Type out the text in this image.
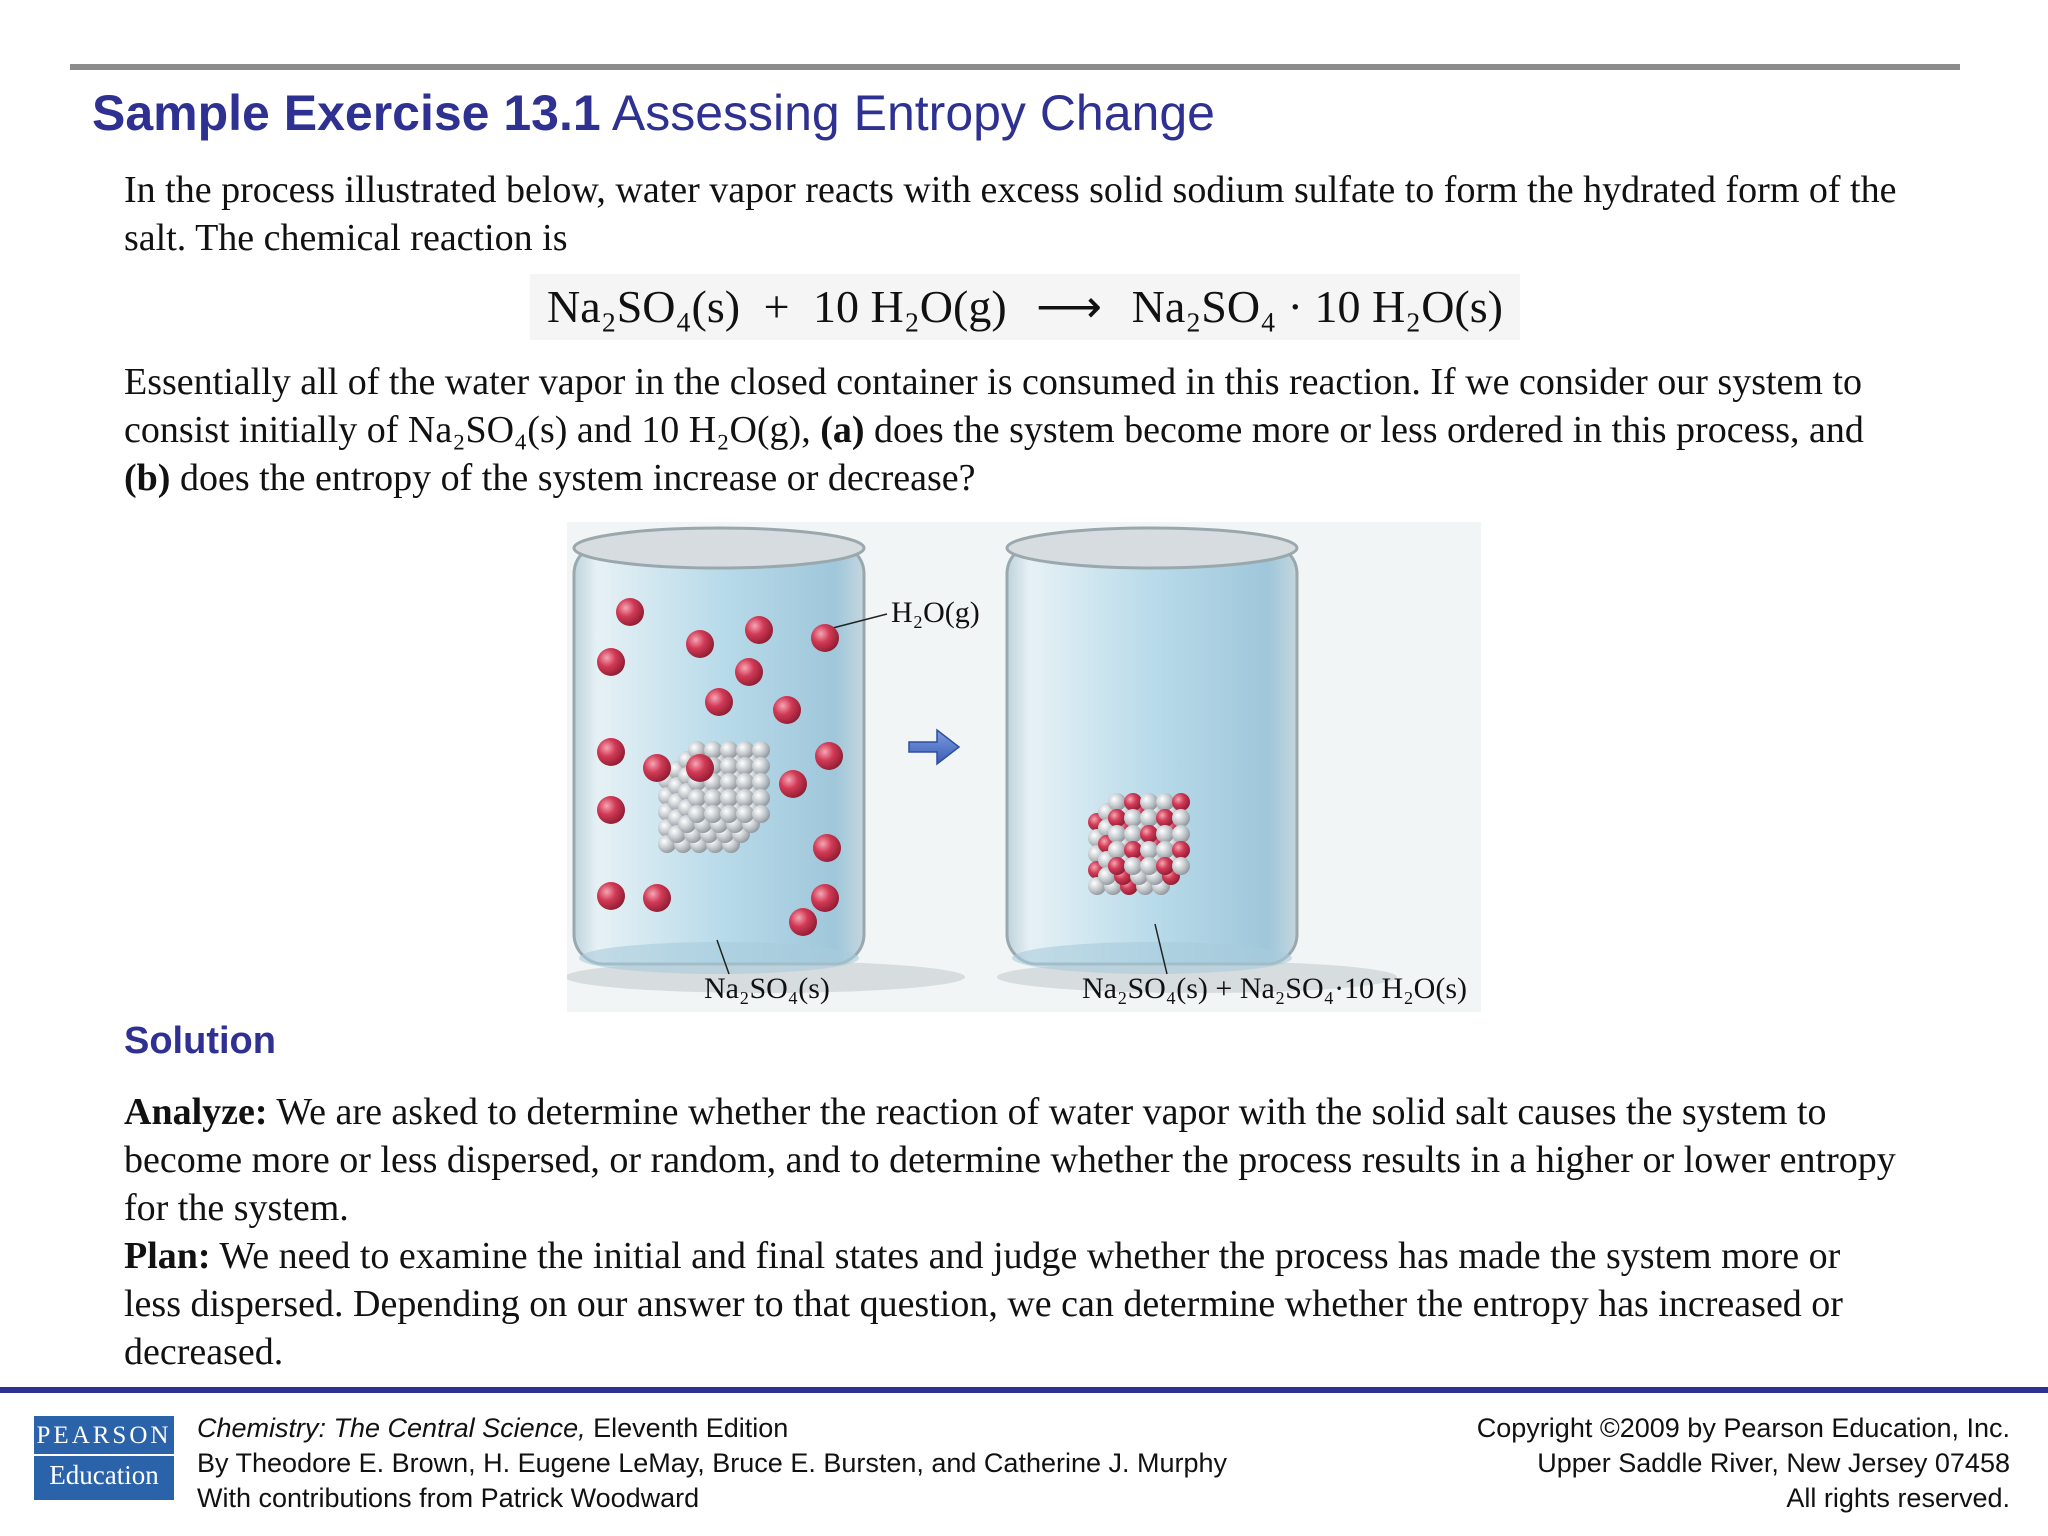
Sample Exercise 13.1 Assessing Entropy Change
In the process illustrated below, water vapor reacts with excess solid sodium sulfate to form the hydrated form of the salt. The chemical reaction is
Na₂SO₄(s) + 10 H₂O(g) ⟶ Na₂SO₄ · 10 H₂O(s)
Essentially all of the water vapor in the closed container is consumed in this reaction. If we consider our system to consist initially of Na₂SO₄(s) and 10 H₂O(g), (a) does the system become more or less ordered in this process, and (b) does the entropy of the system increase or decrease?
H₂O(g)
Na₂SO₄(s)	Na₂SO₄(s) + Na₂SO₄·10 H₂O(s)
Solution
Analyze: We are asked to determine whether the reaction of water vapor with the solid salt causes the system to become more or less dispersed, or random, and to determine whether the process results in a higher or lower entropy for the system.
Plan: We need to examine the initial and final states and judge whether the process has made the system more or less dispersed. Depending on our answer to that question, we can determine whether the entropy has increased or decreased.
PEARSON
Education
Chemistry: The Central Science, Eleventh Edition
By Theodore E. Brown, H. Eugene LeMay, Bruce E. Bursten, and Catherine J. Murphy
With contributions from Patrick Woodward
Copyright ©2009 by Pearson Education, Inc.
Upper Saddle River, New Jersey 07458
All rights reserved.
